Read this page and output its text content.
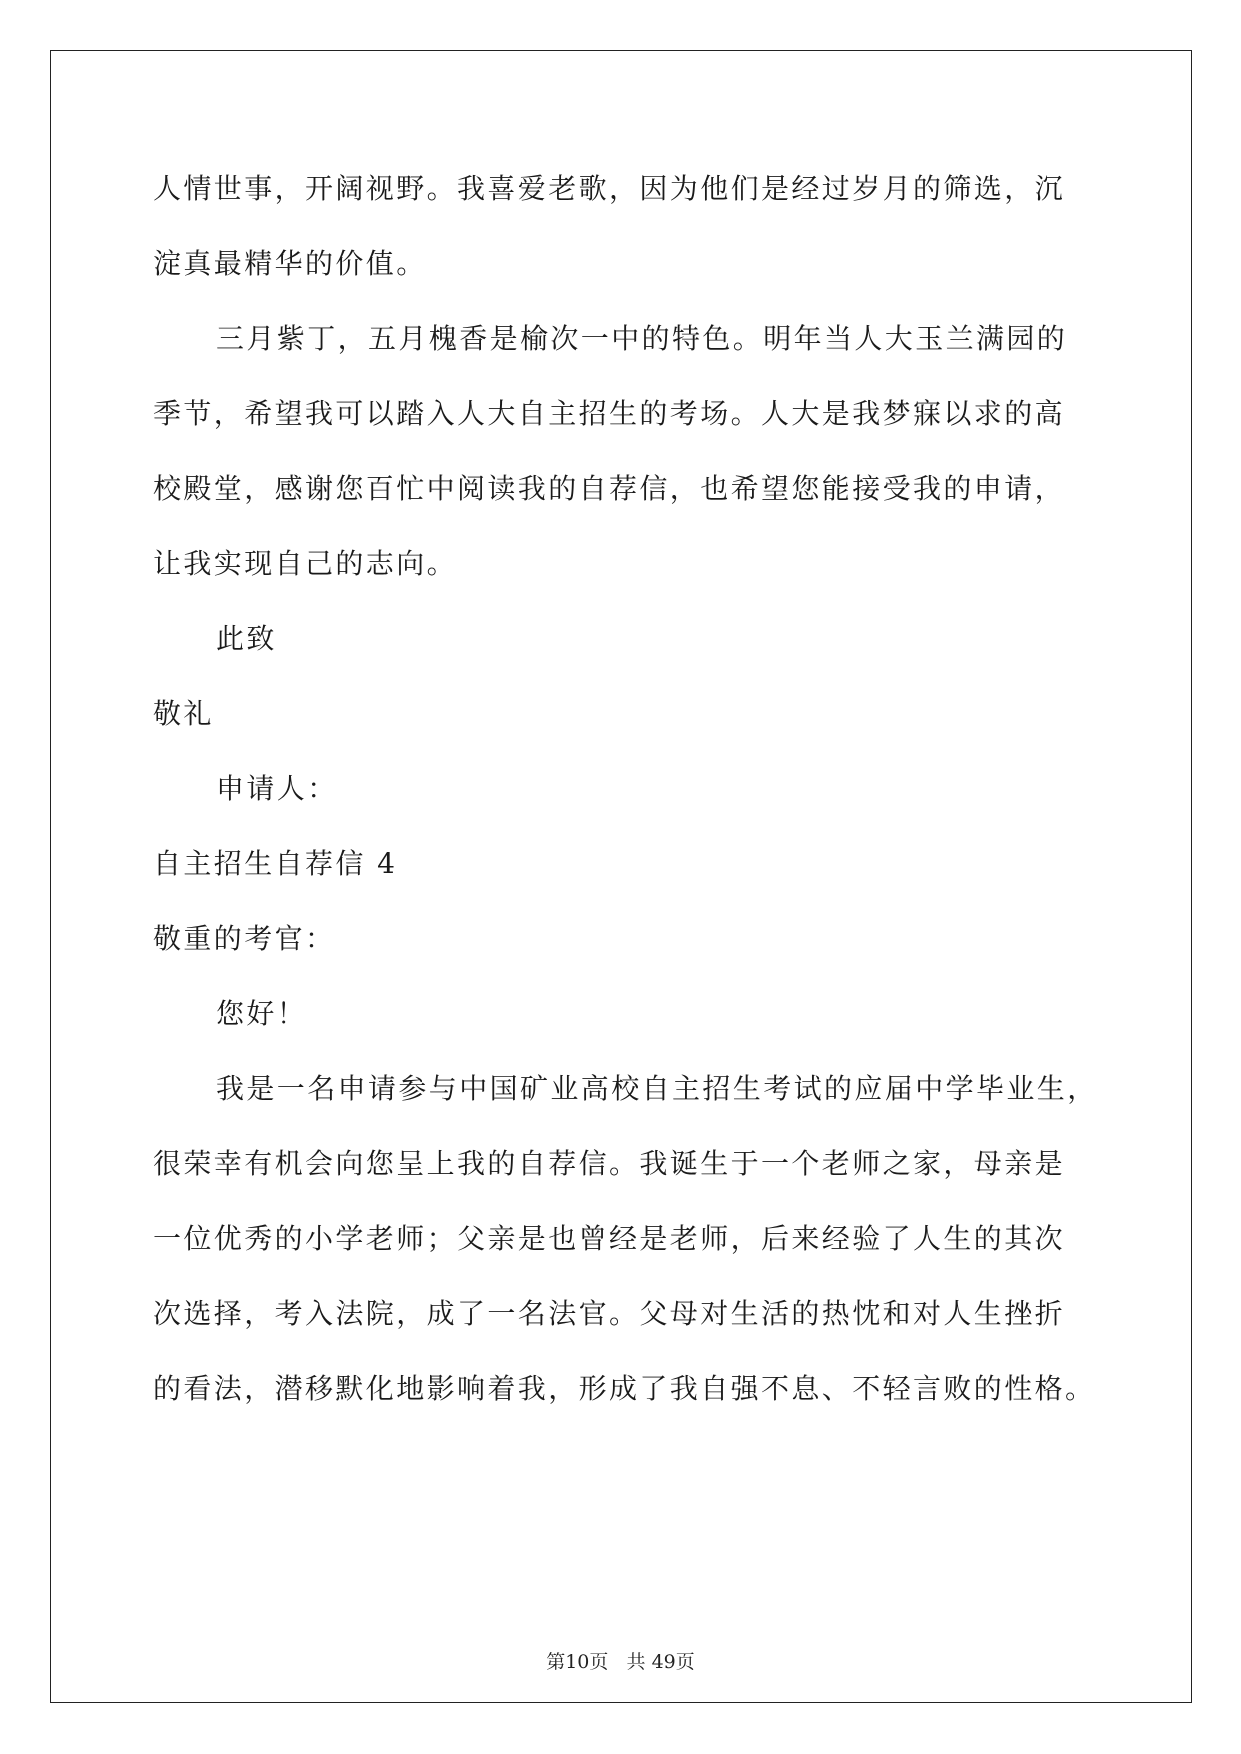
人情世事，开阔视野。我喜爱老歌，因为他们是经过岁月的筛选，沉
淀真最精华的价值。
三月紫丁，五月槐香是榆次一中的特色。明年当人大玉兰满园的
季节，希望我可以踏入人大自主招生的考场。人大是我梦寐以求的高
校殿堂，感谢您百忙中阅读我的自荐信，也希望您能接受我的申请，
让我实现自己的志向。
此致
敬礼
申请人：
自主招生自荐信 4
敬重的考官：
您好！
我是一名申请参与中国矿业高校自主招生考试的应届中学毕业生，
很荣幸有机会向您呈上我的自荐信。我诞生于一个老师之家，母亲是
一位优秀的小学老师；父亲是也曾经是老师，后来经验了人生的其次
次选择，考入法院，成了一名法官。父母对生活的热忱和对人生挫折
的看法，潜移默化地影响着我，形成了我自强不息、不轻言败的性格。
第10页 共 49页
